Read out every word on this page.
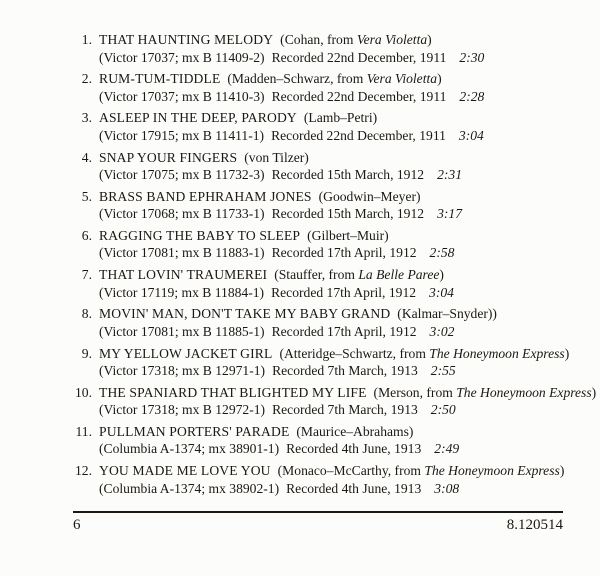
1. THAT HAUNTING MELODY (Cohan, from Vera Violetta)
(Victor 17037; mx B 11409-2) Recorded 22nd December, 1911 2:30
2. RUM-TUM-TIDDLE (Madden–Schwarz, from Vera Violetta)
(Victor 17037; mx B 11410-3) Recorded 22nd December, 1911 2:28
3. ASLEEP IN THE DEEP, PARODY (Lamb–Petri)
(Victor 17915; mx B 11411-1) Recorded 22nd December, 1911 3:04
4. SNAP YOUR FINGERS (von Tilzer)
(Victor 17075; mx B 11732-3) Recorded 15th March, 1912 2:31
5. BRASS BAND EPHRAHAM JONES (Goodwin–Meyer)
(Victor 17068; mx B 11733-1) Recorded 15th March, 1912 3:17
6. RAGGING THE BABY TO SLEEP (Gilbert–Muir)
(Victor 17081; mx B 11883-1) Recorded 17th April, 1912 2:58
7. THAT LOVIN' TRAUMEREI (Stauffer, from La Belle Paree)
(Victor 17119; mx B 11884-1) Recorded 17th April, 1912 3:04
8. MOVIN' MAN, DON'T TAKE MY BABY GRAND (Kalmar–Snyder))
(Victor 17081; mx B 11885-1) Recorded 17th April, 1912 3:02
9. MY YELLOW JACKET GIRL (Atteridge–Schwartz, from The Honeymoon Express)
(Victor 17318; mx B 12971-1) Recorded 7th March, 1913 2:55
10. THE SPANIARD THAT BLIGHTED MY LIFE (Merson, from The Honeymoon Express)
(Victor 17318; mx B 12972-1) Recorded 7th March, 1913 2:50
11. PULLMAN PORTERS' PARADE (Maurice–Abrahams)
(Columbia A-1374; mx 38901-1) Recorded 4th June, 1913 2:49
12. YOU MADE ME LOVE YOU (Monaco–McCarthy, from The Honeymoon Express)
(Columbia A-1374; mx 38902-1) Recorded 4th June, 1913 3:08
6	8.120514
